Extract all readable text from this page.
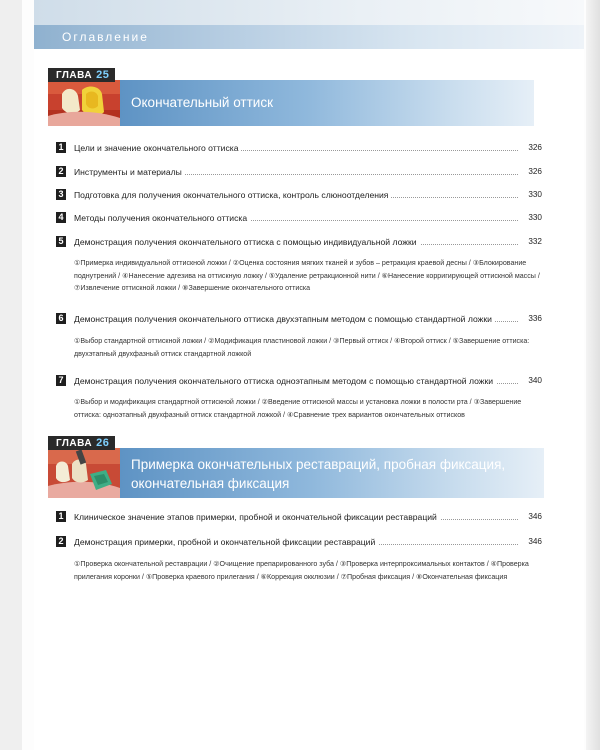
Оглавление
Окончательный оттиск
ГЛАВА 25
1 Цели и значение окончательного оттиска	326
2 Инструменты и материалы	326
3 Подготовка для получения окончательного оттиска, контроль слюноотделения	330
4 Методы получения окончательного оттиска	330
5 Демонстрация получения окончательного оттиска с помощью индивидуальной ложки	332
①Примерка индивидуальной оттискной ложки / ②Оценка состояния мягких тканей и зубов – ретракция краевой десны / ③Блокирование поднутрений / ④Нанесение адгезива на оттискную ложку / ⑤Удаление ретракционной нити / ⑥Нанесение корригирующей оттискной массы / ⑦Извлечение оттискной ложки / ⑧Завершение окончательного оттиска
6 Демонстрация получения окончательного оттиска двухэтапным методом с помощью стандартной ложки	336
①Выбор стандартной оттискной ложки / ②Модификация пластиновой ложки / ③Первый оттиск / ④Второй оттиск / ⑤Завершение оттиска: двухэтапный двухфазный оттиск стандартной ложкой
7 Демонстрация получения окончательного оттиска одноэтапным методом с помощью стандартной ложки	340
①Выбор и модификация стандартной оттискной ложки / ②Введение оттискной массы и установка ложки в полости рта / ③Завершение оттиска: одноэтапный двухфазный оттиск стандартной ложкой / ④Сравнение трех вариантов окончательных оттисков
Примерка окончательных реставраций, пробная фиксация,
окончательная фиксация
ГЛАВА 26
1 Клиническое значение этапов примерки, пробной и окончательной фиксации реставраций	346
2 Демонстрация примерки, пробной и окончательной фиксации реставраций	346
①Проверка окончательной реставрации / ②Очищение препарированного зуба / ③Проверка интерпроксимальных контактов / ④Проверка прилегания коронки / ⑤Проверка краевого прилегания / ⑥Коррекция окклюзии / ⑦Пробная фиксация / ⑧Окончательная фиксация
